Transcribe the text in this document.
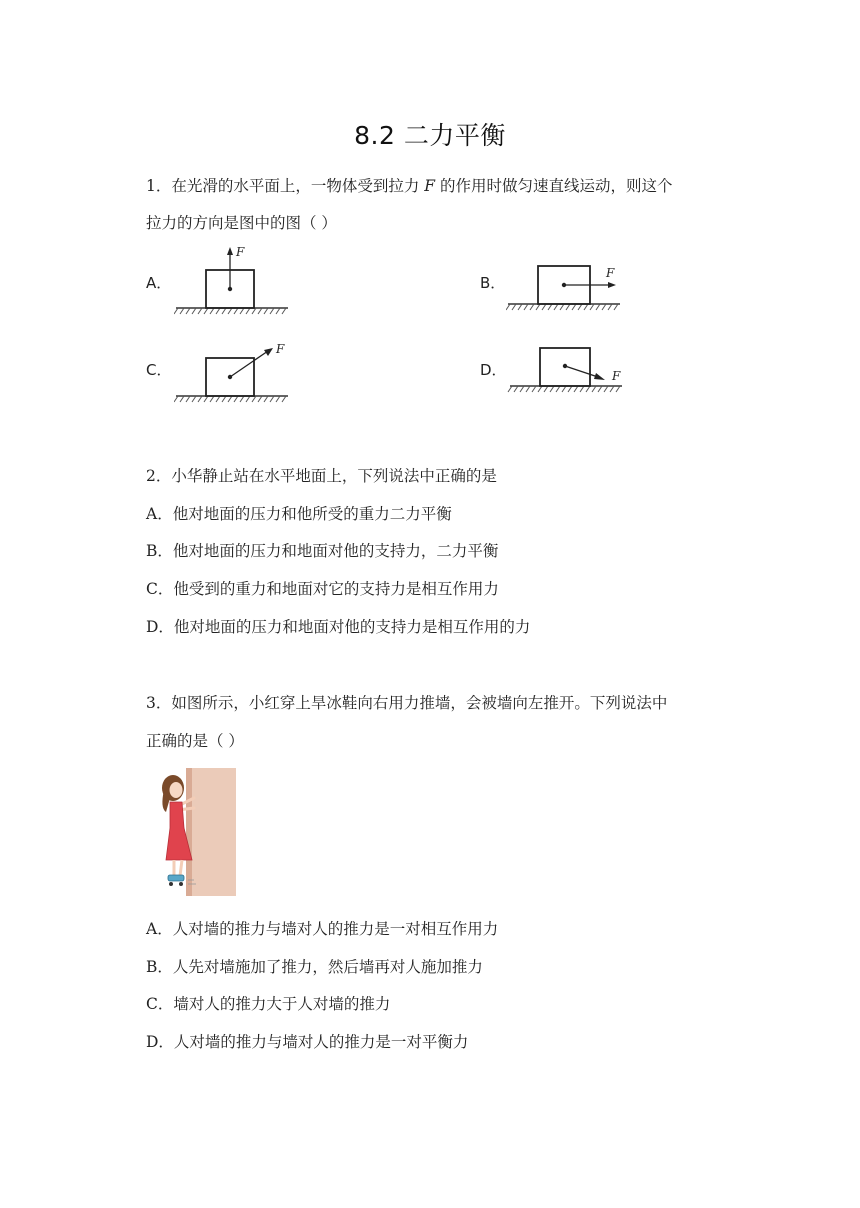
8.2 二力平衡
1．在光滑的水平面上，一物体受到拉力 F 的作用时做匀速直线运动，则这个
拉力的方向是图中的图（ ）
A．
F
B．
F
C．
F
D．	F
2．小华静止站在水平地面上，下列说法中正确的是
A．他对地面的压力和他所受的重力二力平衡
B．他对地面的压力和地面对他的支持力，二力平衡
C．他受到的重力和地面对它的支持力是相互作用力
D．他对地面的压力和地面对他的支持力是相互作用的力
3．如图所示，小红穿上旱冰鞋向右用力推墙，会被墙向左推开。下列说法中
正确的是（ ）
A．人对墙的推力与墙对人的推力是一对相互作用力
B．人先对墙施加了推力，然后墙再对人施加推力
C．墙对人的推力大于人对墙的推力
D．人对墙的推力与墙对人的推力是一对平衡力
